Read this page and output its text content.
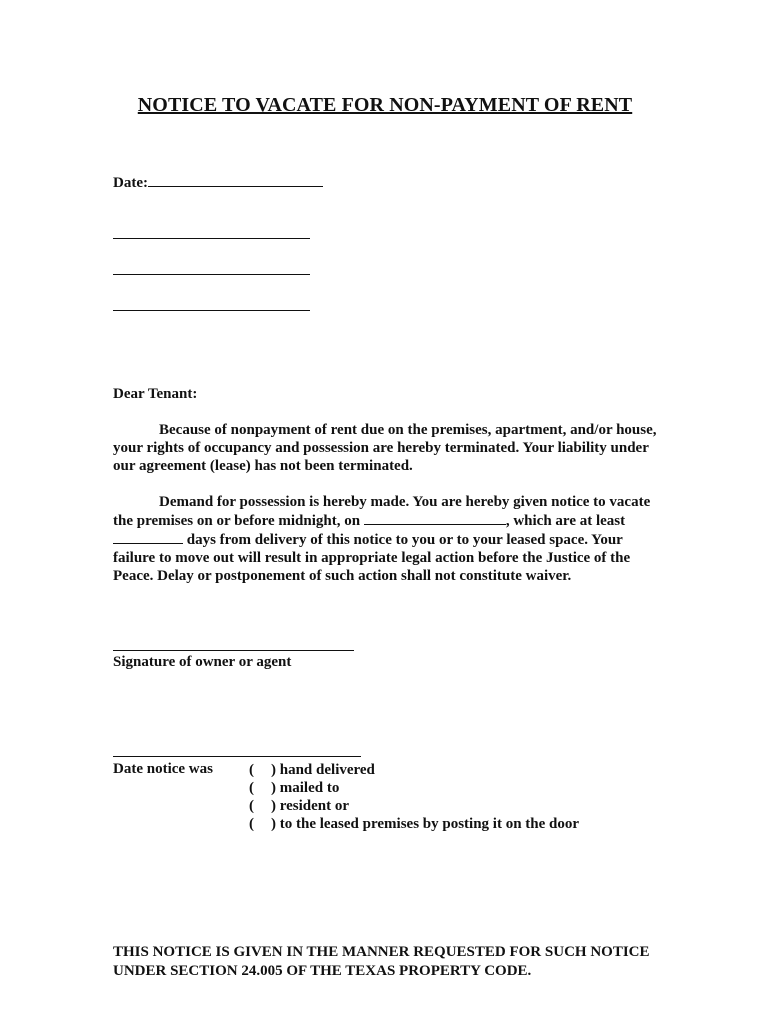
NOTICE TO VACATE FOR NON-PAYMENT OF RENT
Date:
Dear Tenant:
Because of nonpayment of rent due on the premises, apartment, and/or house, your rights of occupancy and possession are hereby terminated. Your liability under our agreement (lease) has not been terminated.
Demand for possession is hereby made. You are hereby given notice to vacate the premises on or before midnight, on	, which are at least  days from delivery of this notice to you or to your leased space. Your failure to move out will result in appropriate legal action before the Justice of the Peace. Delay or postponement of such action shall not constitute waiver.
Signature of owner or agent
Date notice was ( ) hand delivered
( ) mailed to
( ) resident or
( ) to the leased premises by posting it on the door
THIS NOTICE IS GIVEN IN THE MANNER REQUESTED FOR SUCH NOTICE UNDER SECTION 24.005 OF THE TEXAS PROPERTY CODE.
